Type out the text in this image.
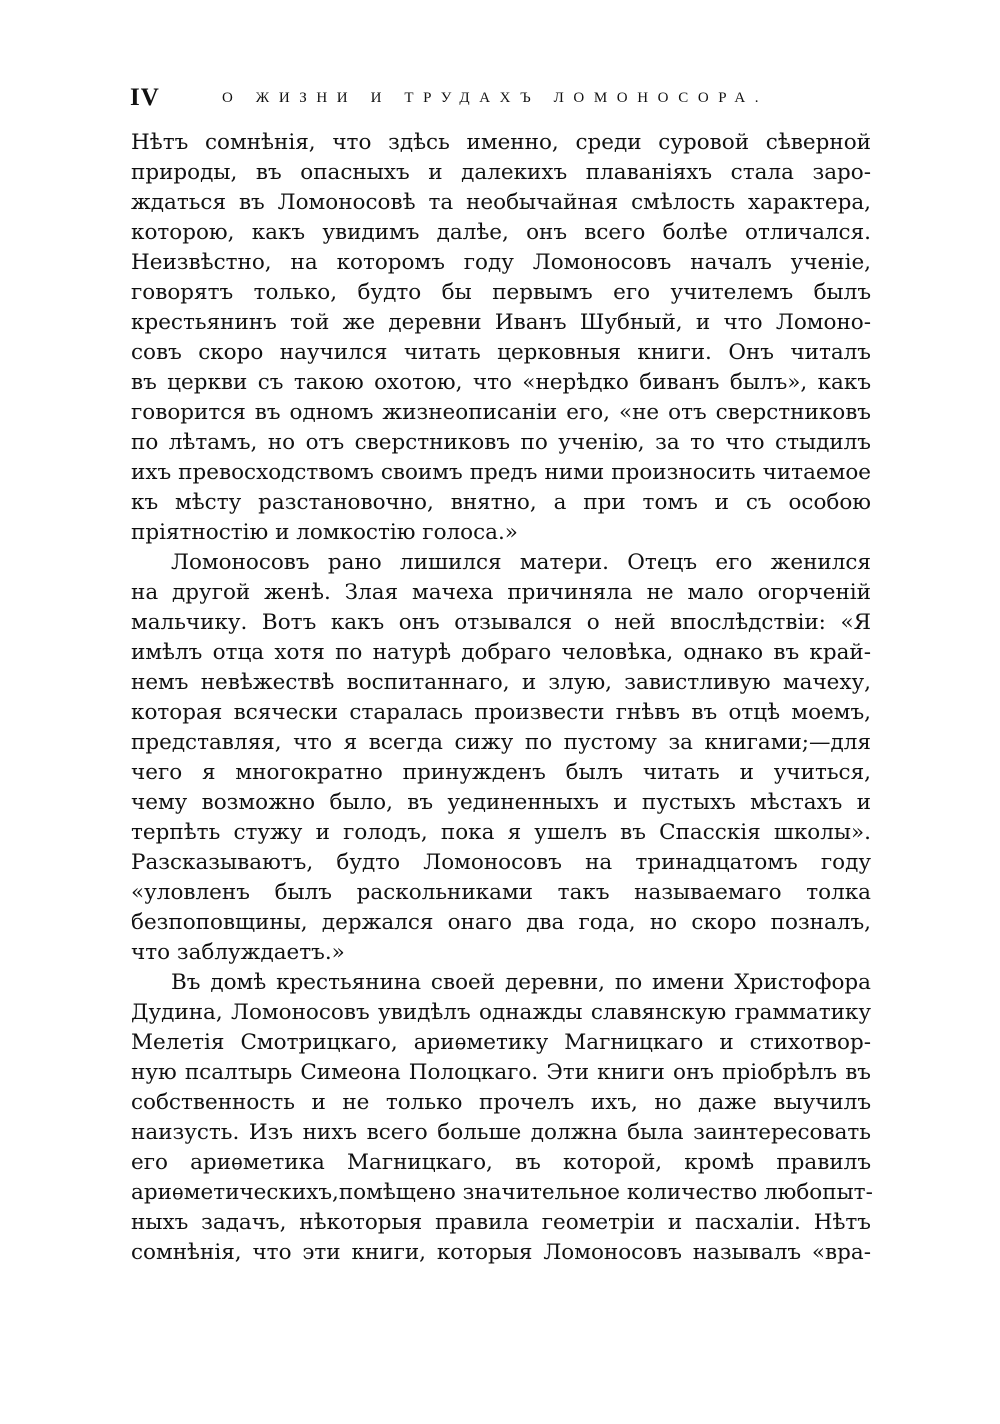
IV	О ЖИЗНИ И ТРУДАХЪ ЛОМОНОСОРА.
Нѣтъ сомнѣнія, что здѣсь именно, среди суровой сѣверной
природы, въ опасныхъ и далекихъ плаваніяхъ стала заро-
ждаться въ Ломоносовѣ та необычайная смѣлость характера,
которою, какъ увидимъ далѣе, онъ всего болѣе отличался.
Неизвѣстно, на которомъ году Ломоносовъ началъ ученіе,
говорятъ только, будто бы первымъ его учителемъ былъ
крестьянинъ той же деревни Иванъ Шубный, и что Ломоно-
совъ скоро научился читать церковныя книги. Онъ читалъ
въ церкви съ такою охотою, что «нерѣдко биванъ былъ», какъ
говорится въ одномъ жизнеописаніи его, «не отъ сверстниковъ
по лѣтамъ, но отъ сверстниковъ по ученію, за то что стыдилъ
ихъ превосходствомъ своимъ предъ ними произносить читаемое
къ мѣсту разстановочно, внятно, а при томъ и съ особою
пріятностію и ломкостію голоса.»
Ломоносовъ рано лишился матери. Отецъ его женился
на другой женѣ. Злая мачеха причиняла не мало огорченій
мальчику. Вотъ какъ онъ отзывался о ней впослѣдствіи: «Я
имѣлъ отца хотя по натурѣ добраго человѣка, однако въ край-
немъ невѣжествѣ воспитаннаго, и злую, завистливую мачеху,
которая всячески старалась произвести гнѣвъ въ отцѣ моемъ,
представляя, что я всегда сижу по пустому за книгами;—для
чего я многократно принужденъ былъ читать и учиться,
чему возможно было, въ уединенныхъ и пустыхъ мѣстахъ и
терпѣть стужу и голодъ, пока я ушелъ въ Спасскія школы».
Разсказываютъ, будто Ломоносовъ на тринадцатомъ году
«уловленъ былъ раскольниками такъ называемаго толка
безпоповщины, держался онаго два года, но скоро позналъ,
что заблуждаетъ.»
Въ домѣ крестьянина своей деревни, по имени Христофора
Дудина, Ломоносовъ увидѣлъ однажды славянскую грамматику
Мелетія Смотрицкаго, ариѳметику Магницкаго и стихотвор-
ную псалтырь Симеона Полоцкаго. Эти книги онъ пріобрѣлъ въ
собственность и не только прочелъ ихъ, но даже выучилъ
наизусть. Изъ нихъ всего больше должна была заинтересовать
его ариѳметика Магницкаго, въ которой, кромѣ правилъ
ариѳметическихъ,помѣщено значительное количество любопыт-
ныхъ задачъ, нѣкоторыя правила геометріи и пасхаліи. Нѣтъ
сомнѣнія, что эти книги, которыя Ломоносовъ называлъ «вра-
